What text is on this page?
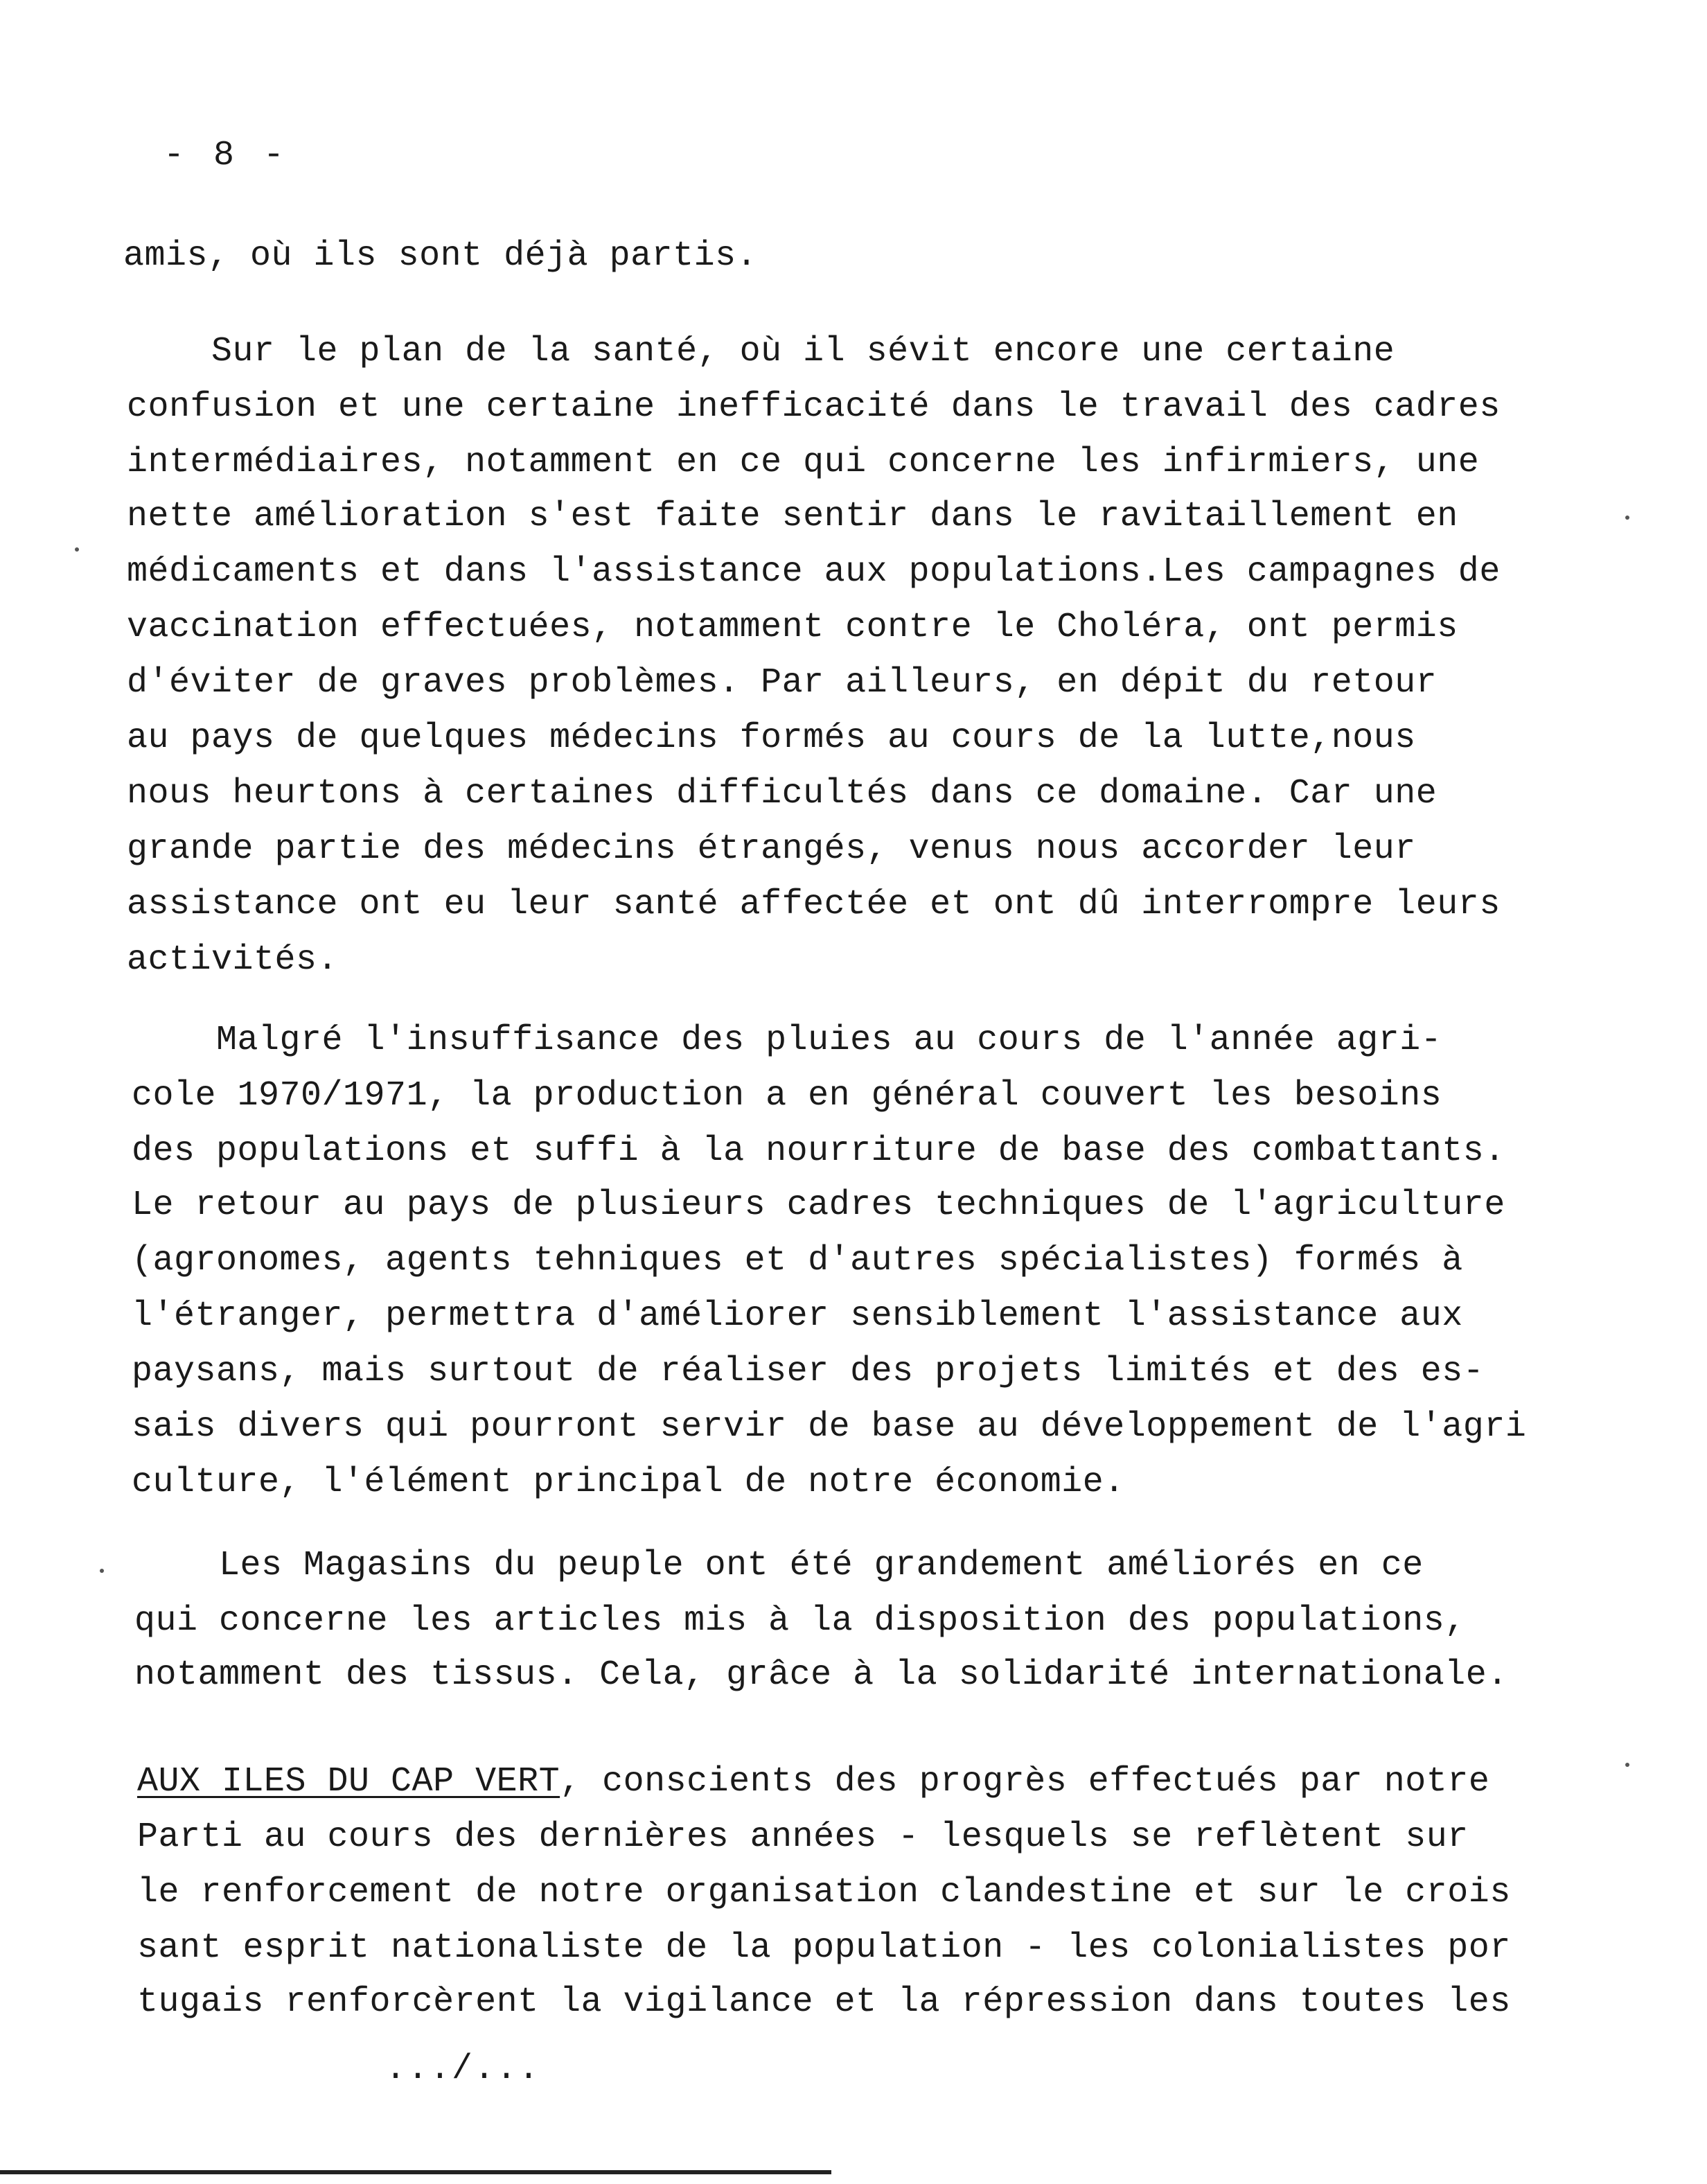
- 8 -

amis, où ils sont déjà partis.

Sur le plan de la santé, où il sévit encore une certaine

confusion et une certaine inefficacité dans le travail des cadres

intermédiaires, notamment en ce qui concerne les infirmiers, une

nette amélioration s'est faite sentir dans le ravitaillement en

médicaments et dans l'assistance aux populations.Les campagnes de

vaccination effectuées, notamment contre le Choléra, ont permis

d'éviter de graves problèmes. Par ailleurs, en dépit du retour

au pays de quelques médecins formés au cours de la lutte,nous

nous heurtons à certaines difficultés dans ce domaine. Car une

grande partie des médecins étrangés, venus nous accorder leur

assistance ont eu leur santé affectée et ont dû interrompre leurs

activités.

Malgré l'insuffisance des pluies au cours de l'année agri-

cole 1970/1971, la production a en général couvert les besoins

des populations et suffi à la nourriture de base des combattants.

Le retour au pays de plusieurs cadres techniques de l'agriculture

(agronomes, agents tehniques et d'autres spécialistes) formés à

l'étranger, permettra d'améliorer sensiblement l'assistance aux

paysans, mais surtout de réaliser des projets limités et des es-

sais divers qui pourront servir de base au développement de l'agri

culture, l'élément principal de notre économie.

Les Magasins du peuple ont été grandement améliorés en ce

qui concerne les articles mis à la disposition des populations,

notamment des tissus. Cela, grâce à la solidarité internationale.

AUX ILES DU CAP VERT, conscients des progrès effectués par notre

Parti au cours des dernières années - lesquels se reflètent sur

le renforcement de notre organisation clandestine et sur le crois

sant esprit nationaliste de la population - les colonialistes por

tugais renforcèrent la vigilance et la répression dans toutes les

.../...
